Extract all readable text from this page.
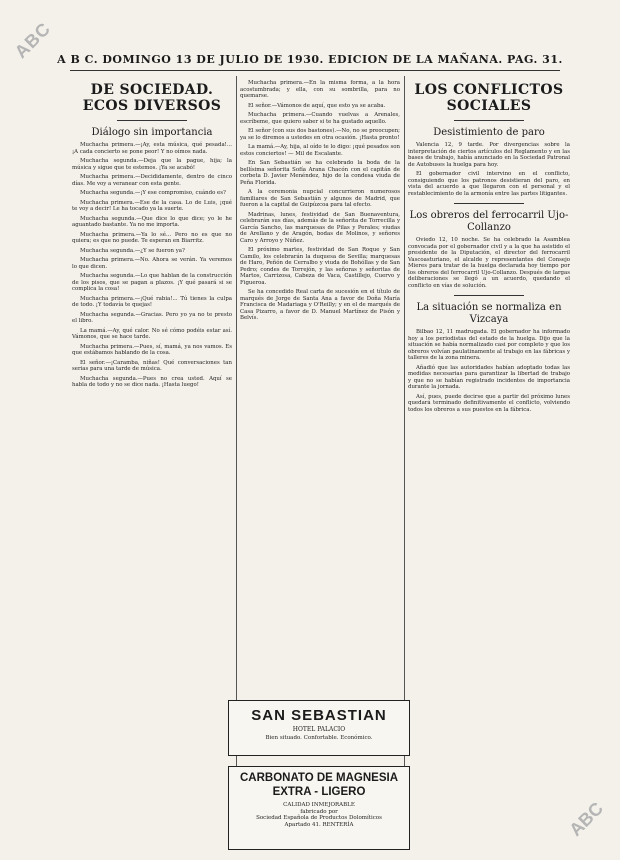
ABC A B C. DOMINGO 13 DE JULIO DE 1930. EDICION DE LA MAÑANA. PAG. 31.
DE SOCIEDAD. ECOS DIVERSOS
Diálogo sin importancia

Muchacha primera.—¡Ay, esta música, qué pesada!... ¡A cada concierto se pone peor! Y no oímos nada.

Muchacha segunda.—Deja que la pague, hija; la música y sigue que te estemos. ¡Ya se acabó!

Muchacha primera.—Decididamente, dentro de cinco días. Me voy a veranear con esta gente.

Muchacha segunda.—¡Y ese compromiso, cuándo es?

Muchacha primera.—Ese de la casa. Lo de Luis, ¡qué te voy a decir! Le ha tocado ya la suerte.

Muchacha segunda.—Que dice lo que dice; yo le he aguantado bastante. Ya no me importa.

Muchacha primera.—Ya lo sé... Pero no es que no quiera; es que no puede. Te esperan en Biarritz.

Muchacha segunda.—¿Y se fueron ya?

Muchacha primera.—No. Ahora se verán. Ya veremos lo que dicen.

Muchacha segunda.—Lo que hablan de la construcción de los pisos, que se pagan a plazos. ¡Y qué pasará si se complica la cosa!

Muchacha primera.—¡Qué rabia!... Tú tienes la culpa de todo. ¡Y todavía te quejas!

Muchacha segunda.—Gracias. Pero yo ya no te presto el libro.

La mamá.—Ay, qué calor. No sé cómo podéis estar así. Vámonos, que se hace tarde.

Muchacha primera.—Pues, sí, mamá, ya nos vamos. Es que estábamos hablando de la cosa.

El señor.—¡Caramba, niñas! Qué conversaciones tan serias para una tarde de música.

Muchacha segunda.—Pues no crea usted. Aquí se habla de todo y no se dice nada. ¡Hasta luego!

Muchacha primera.—En la misma forma, a la hora acostumbrada; y ella, con su sombrilla, para no quemarse.

El señor.—Vámonos de aquí, que esto ya se acaba.

Muchacha primera.—Cuando vuelvas a Arenales, escríbeme, que quiero saber si te ha gustado aquello.

El señor (con sus dos bastones).—No, no se preocupen; ya se lo diremos a ustedes en otra ocasión. ¡Hasta pronto!

La mamá.—Ay, hija, al oído te lo digo: ¡qué pesados son estos conciertos! — Mil de Escalante.

En San Sebastián se ha celebrado la boda de la bellísima señorita Sofía Arana Chacón con el capitán de corbeta D. Javier Menéndez, hijo de la condesa viuda de Peña Florida.

A la ceremonia nupcial concurrieron numerosos familiares de San Sebastián y algunos de Madrid, que fueron a la capital de Guipúzcoa para tal efecto.

Madrinas, lunes, festividad de San Buenaventura, celebrarán sus días, además de la señorita de Torrecilla y García Sancho, las marquesas de Pilas y Perales; viudas de Arellano y de Aragón, bodas de Molinos, y señores Caro y Arroyo y Núñez.

El próximo martes, festividad de San Roque y San Camilo, los celebrarán la duquesa de Sevilla; marquesas de Haro, Peñón de Cerralbo y viuda de Bohóllas y de San Pedro; condes de Torrejón, y las señoras y señoritas de Martos, Carrizosa, Cabeza de Vaca, Castillejo, Cuervo y Figueroa.

Se ha concedido Real carta de sucesión en el título de marqués de Jorge de Santa Ana a favor de Doña María Francisca de Madariaga y O'Reilly; y en el de marqués de Casa Pizarro, a favor de D. Manuel Martínez de Pisón y Belvís.

SAN SEBASTIAN
HOTEL PALACIO
Bien situado. Confortable. Económico.
CARBONATO DE MAGNESIA
EXTRA - LIGERO
CALIDAD INMEJORABLE
fabricado por
Sociedad Española de Productos Dolomíticos
Apartado 41. RENTERÍA
LOS CONFLICTOS SOCIALES
Desistimiento de paro

Valencia 12, 9 tarde. Por divergencias sobre la interpretación de ciertos artículos del Reglamento y en las bases de trabajo, había anunciado en la Sociedad Patronal de Autobuses la huelga para hoy.

El gobernador civil intervino en el conflicto, consiguiendo que los patronos desistieran del paro, en vista del acuerdo a que llegaron con el personal y el restablecimiento de la armonía entre las partes litigantes.

Los obreros del ferrocarril Ujo-Collanzo

Oviedo 12, 10 noche. Se ha celebrado la Asamblea convocada por el gobernador civil y a la que ha asistido el presidente de la Diputación, el director del ferrocarril Vascoasturiano, el alcalde y representantes del Consejo Mieres para tratar de la huelga declarada hoy tiempo por los obreros del ferrocarril Ujo-Collanzo. Después de largas deliberaciones se llegó a un acuerdo, quedando el conflicto en vías de solución.

La situación se normaliza en Vizcaya

Bilbao 12, 11 madrugada. El gobernador ha informado hoy a los periodistas del estado de la huelga. Dijo que la situación se había normalizado casi por completo y que los obreros volvían paulatinamente al trabajo en las fábricas y talleres de la zona minera.

Añadió que las autoridades habían adoptado todas las medidas necesarias para garantizar la libertad de trabajo y que no se habían registrado incidentes de importancia durante la jornada.

Así, pues, puede decirse que a partir del próximo lunes quedará terminado definitivamente el conflicto, volviendo todos los obreros a sus puestos en la fábrica.

ABC
